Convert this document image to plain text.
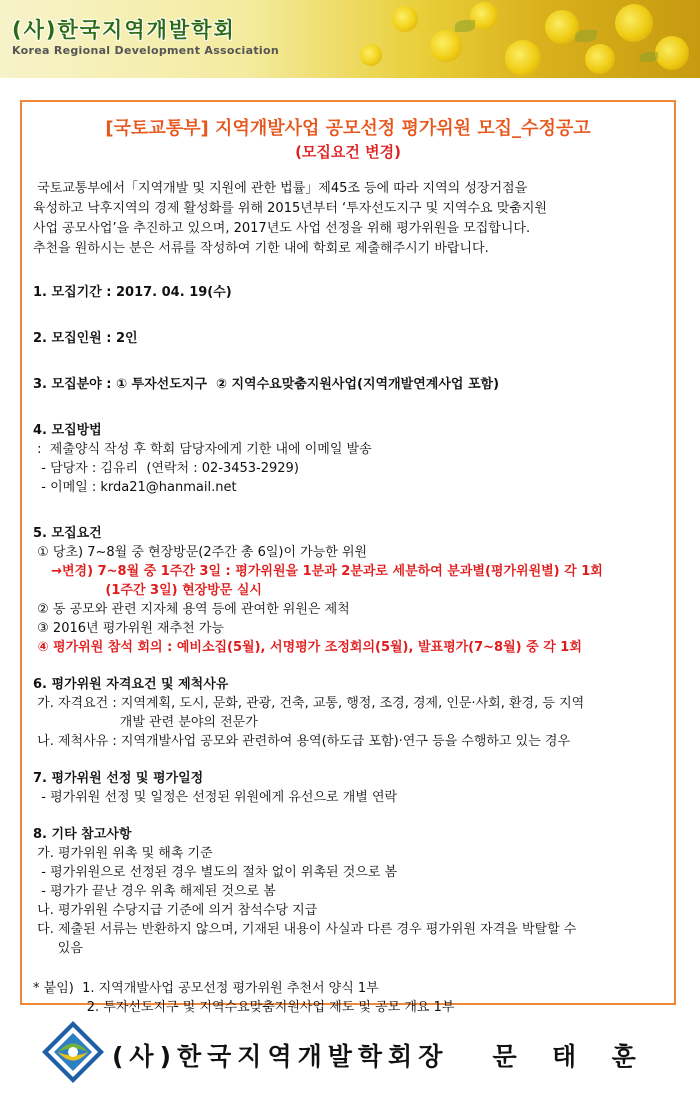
(사)한국지역개발학회
Korea Regional Development Association
[국토교통부] 지역개발사업 공모선정 평가위원 모집_수정공고
(모집요건 변경)
국토교통부에서「지역개발 및 지원에 관한 법률」제45조 등에 따라 지역의 성장거점을
육성하고 낙후지역의 경제 활성화를 위해 2015년부터 ‘투자선도지구 및 지역수요 맞춤지원
사업 공모사업’을 추진하고 있으며, 2017년도 사업 선정을 위해 평가위원을 모집합니다.
추천을 원하시는 분은 서류를 작성하여 기한 내에 학회로 제출해주시기 바랍니다.
1. 모집기간 : 2017. 04. 19(수)
2. 모집인원 : 2인
3. 모집분야 : ① 투자선도지구  ② 지역수요맞춤지원사업(지역개발연계사업 포함)
4. 모집방법
:  제출양식 작성 후 학회 담당자에게 기한 내에 이메일 발송
- 담당자 : 김유리  (연락처 : 02-3453-2929)
- 이메일 : krda21@hanmail.net
5. 모집요건
① 당초) 7~8월 중 현장방문(2주간 총 6일)이 가능한 위원
→변경) 7~8월 중 1주간 3일 : 평가위원을 1분과 2분과로 세분하여 분과별(평가위원별) 각 1회
(1주간 3일) 현장방문 실시
② 동 공모와 관련 지자체 용역 등에 관여한 위원은 제척
③ 2016년 평가위원 재추천 가능
④ 평가위원 참석 회의 : 예비소집(5월), 서명평가 조정회의(5월), 발표평가(7~8월) 중 각 1회
6. 평가위원 자격요건 및 제척사유
가. 자격요건 : 지역계획, 도시, 문화, 관광, 건축, 교통, 행정, 조경, 경제, 인문·사회, 환경, 등 지역
개발 관련 분야의 전문가
나. 제척사유 : 지역개발사업 공모와 관련하여 용역(하도급 포함)·연구 등을 수행하고 있는 경우
7. 평가위원 선정 및 평가일정
- 평가위원 선정 및 일정은 선정된 위원에게 유선으로 개별 연락
8. 기타 참고사항
가. 평가위원 위촉 및 해촉 기준
- 평가위원으로 선정된 경우 별도의 절차 없이 위촉된 것으로 봄
- 평가가 끝난 경우 위촉 해제된 것으로 봄
나. 평가위원 수당지급 기준에 의거 참석수당 지급
다. 제출된 서류는 반환하지 않으며, 기재된 내용이 사실과 다른 경우 평가위원 자격을 박탈할 수
있음
* 붙임)  1. 지역개발사업 공모선정 평가위원 추천서 양식 1부
2. 투자선도지구 및 지역수요맞춤지원사업 제도 및 공모 개요 1부
(사)한국지역개발학회장   문  태  훈
